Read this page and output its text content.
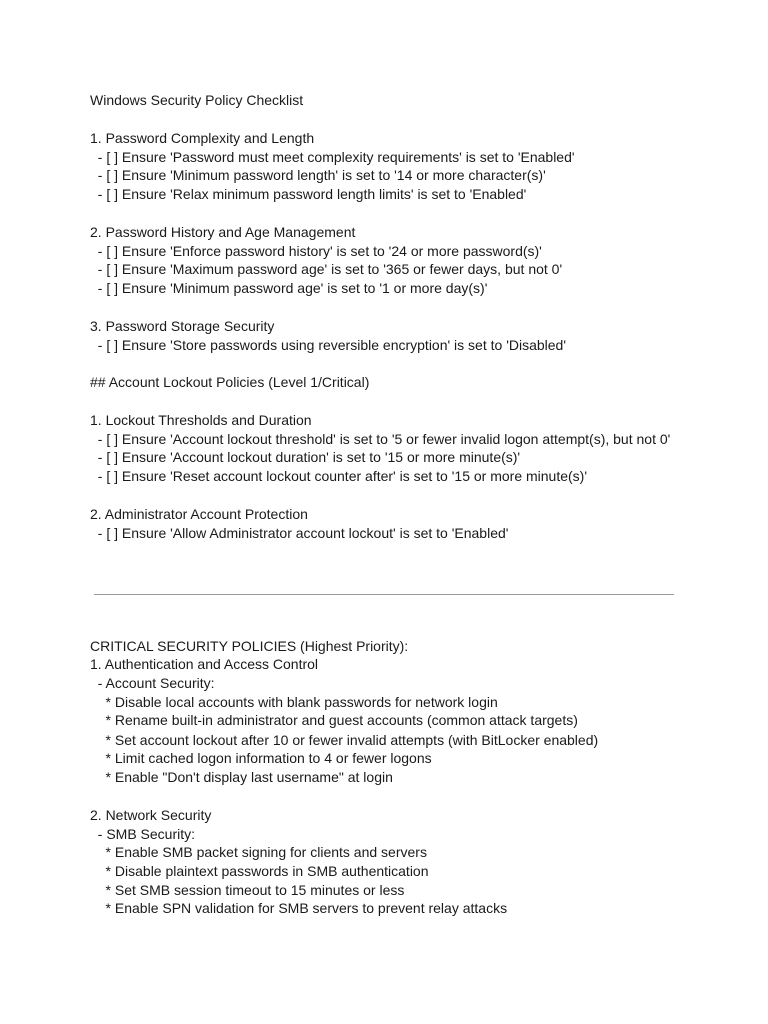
Windows Security Policy Checklist
1. Password Complexity and Length
- [ ] Ensure 'Password must meet complexity requirements' is set to 'Enabled'
- [ ] Ensure 'Minimum password length' is set to '14 or more character(s)'
- [ ] Ensure 'Relax minimum password length limits' is set to 'Enabled'
2. Password History and Age Management
- [ ] Ensure 'Enforce password history' is set to '24 or more password(s)'
- [ ] Ensure 'Maximum password age' is set to '365 or fewer days, but not 0'
- [ ] Ensure 'Minimum password age' is set to '1 or more day(s)'
3. Password Storage Security
- [ ] Ensure 'Store passwords using reversible encryption' is set to 'Disabled'
## Account Lockout Policies (Level 1/Critical)
1. Lockout Thresholds and Duration
- [ ] Ensure 'Account lockout threshold' is set to '5 or fewer invalid logon attempt(s), but not 0'
- [ ] Ensure 'Account lockout duration' is set to '15 or more minute(s)'
- [ ] Ensure 'Reset account lockout counter after' is set to '15 or more minute(s)'
2. Administrator Account Protection
- [ ] Ensure 'Allow Administrator account lockout' is set to 'Enabled'
CRITICAL SECURITY POLICIES (Highest Priority):
1. Authentication and Access Control
- Account Security:
* Disable local accounts with blank passwords for network login
* Rename built-in administrator and guest accounts (common attack targets)
* Set account lockout after 10 or fewer invalid attempts (with BitLocker enabled)
* Limit cached logon information to 4 or fewer logons
* Enable "Don't display last username" at login
2. Network Security
- SMB Security:
* Enable SMB packet signing for clients and servers
* Disable plaintext passwords in SMB authentication
* Set SMB session timeout to 15 minutes or less
* Enable SPN validation for SMB servers to prevent relay attacks
